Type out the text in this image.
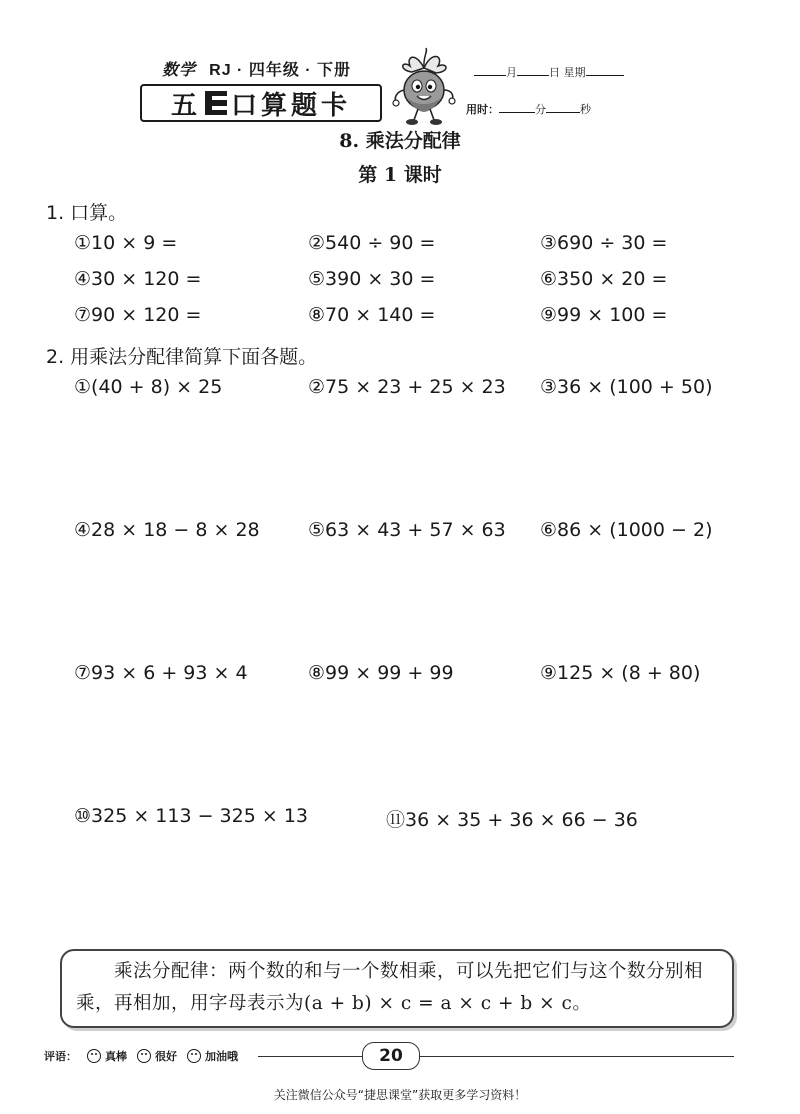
数学 RJ · 四年级 · 下册
五 口算题卡
月	日 星期
用时：	分	秒
8. 乘法分配律
第 1 课时
1. 口算。
①10 × 9 =	②540 ÷ 90 =	③690 ÷ 30 =
④30 × 120 =	⑤390 × 30 =	⑥350 × 20 =
⑦90 × 120 =	⑧70 × 140 =	⑨99 × 100 =
2. 用乘法分配律简算下面各题。
①(40 + 8) × 25	②75 × 23 + 25 × 23 ③36 × (100 + 50)
④28 × 18 − 8 × 28	⑤63 × 43 + 57 × 63 ⑥86 × (1000 − 2)
⑦93 × 6 + 93 × 4	⑧99 × 99 + 99	⑨125 × (8 + 80)
⑩325 × 113 − 325 × 13	⑪36 × 35 + 36 × 66 − 36
乘法分配律：两个数的和与一个数相乘，可以先把它们与这个数分别相乘，再相加，用字母表示为(a + b) × c = a × c + b × c。
评语：	真棒	很好	加油哦	20
关注微信公众号“捷思课堂”获取更多学习资料！
